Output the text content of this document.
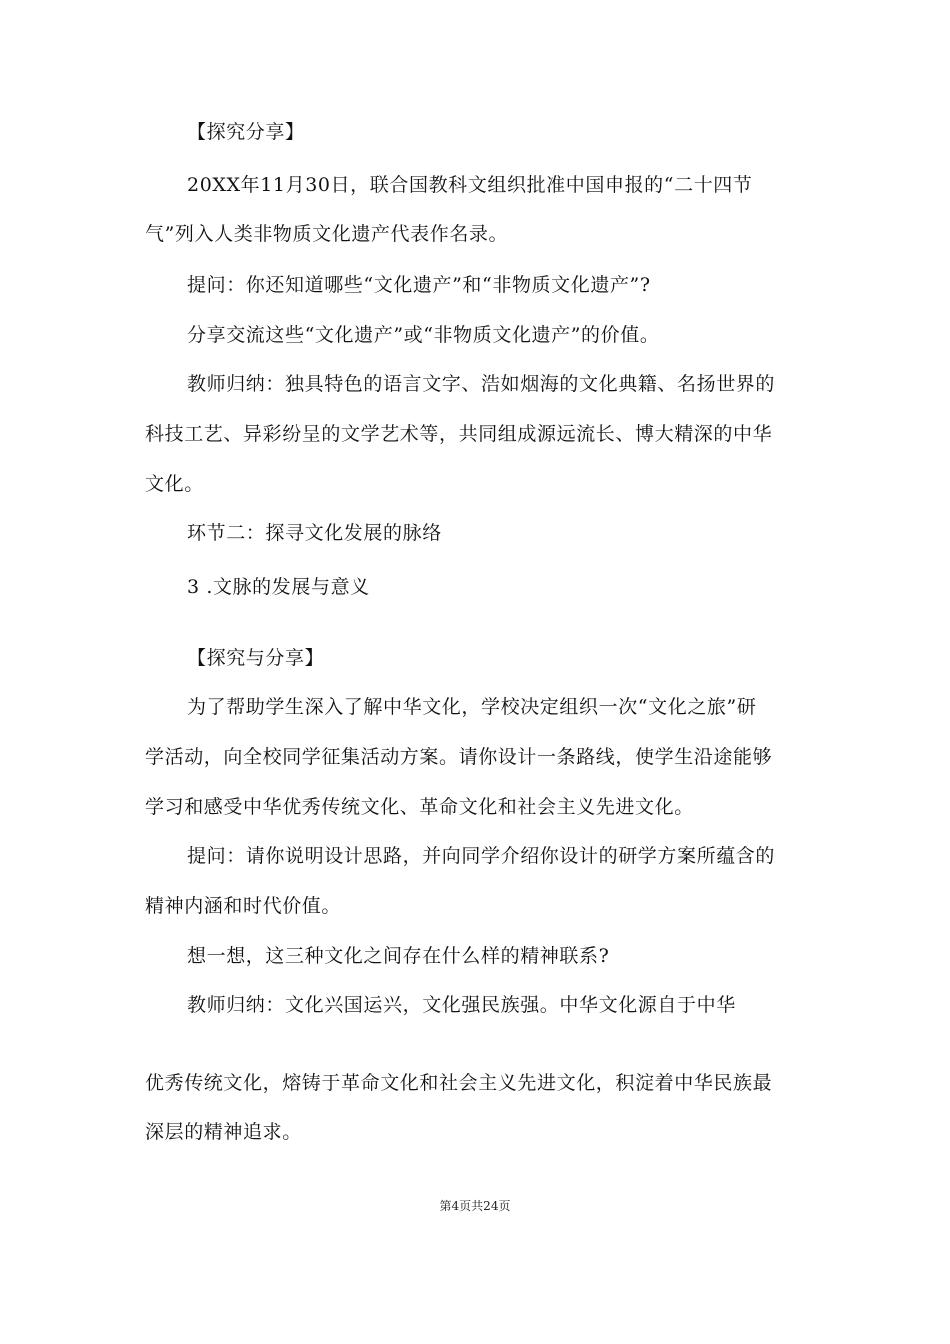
【探究分享】
20XX年11月30日，联合国教科文组织批准中国申报的“二十四节
气”列入人类非物质文化遗产代表作名录。
提问：你还知道哪些“文化遗产”和“非物质文化遗产”?
分享交流这些“文化遗产”或“非物质文化遗产”的价值。
教师归纳：独具特色的语言文字、浩如烟海的文化典籍、名扬世界的
科技工艺、异彩纷呈的文学艺术等，共同组成源远流长、博大精深的中华
文化。
环节二：探寻文化发展的脉络
3 .文脉的发展与意义
【探究与分享】
为了帮助学生深入了解中华文化，学校决定组织一次“文化之旅”研
学活动，向全校同学征集活动方案。请你设计一条路线，使学生沿途能够
学习和感受中华优秀传统文化、革命文化和社会主义先进文化。
提问：请你说明设计思路，并向同学介绍你设计的研学方案所蕴含的
精神内涵和时代价值。
想一想，这三种文化之间存在什么样的精神联系?
教师归纳：文化兴国运兴，文化强民族强。中华文化源自于中华
优秀传统文化，熔铸于革命文化和社会主义先进文化，积淀着中华民族最
深层的精神追求。
第4页共24页
